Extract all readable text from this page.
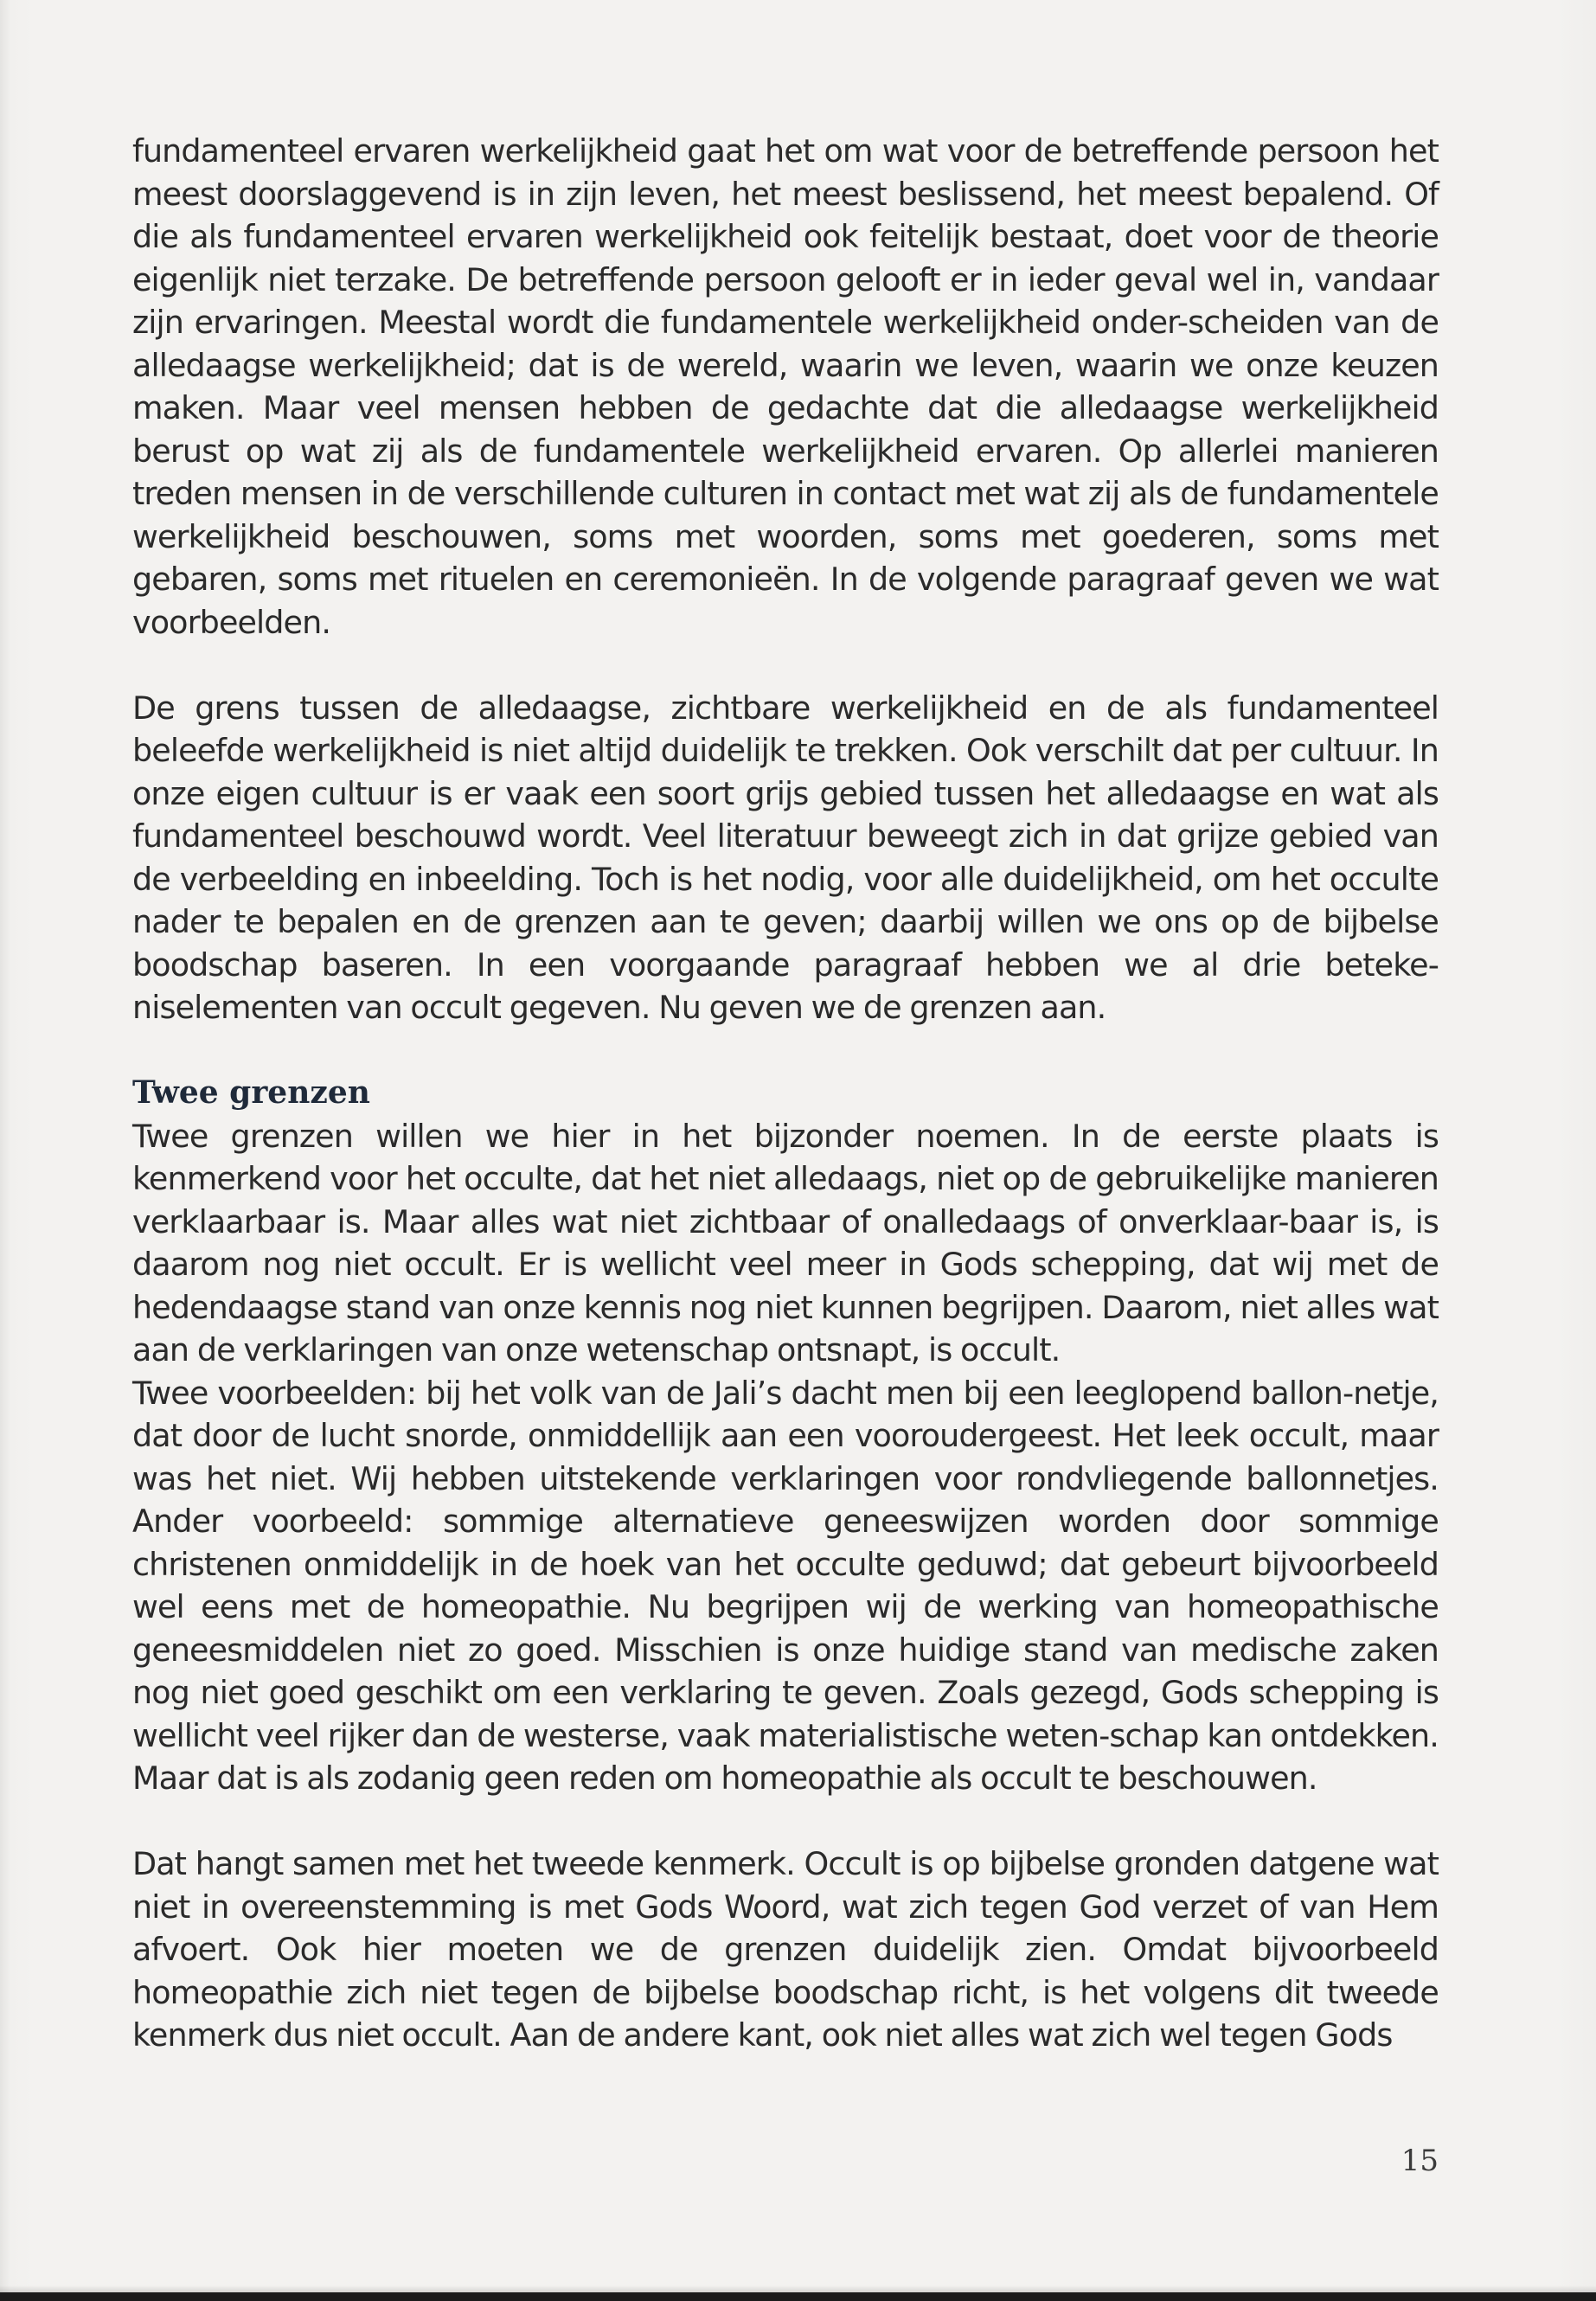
fundamenteel ervaren werkelijkheid gaat het om wat voor de betreffende persoon het meest doorslaggevend is in zijn leven, het meest beslissend, het meest bepalend. Of die als fundamenteel ervaren werkelijkheid ook feitelijk bestaat, doet voor de theorie eigenlijk niet terzake. De betreffende persoon gelooft er in ieder geval wel in, vandaar zijn ervaringen. Meestal wordt die fundamentele werkelijkheid onder-scheiden van de alledaagse werkelijkheid; dat is de wereld, waarin we leven, waarin we onze keuzen maken. Maar veel mensen hebben de gedachte dat die alledaagse werkelijkheid berust op wat zij als de fundamentele werkelijkheid ervaren. Op allerlei manieren treden mensen in de verschillende culturen in contact met wat zij als de fundamentele werkelijkheid beschouwen, soms met woorden, soms met goederen, soms met gebaren, soms met rituelen en ceremonieën. In de volgende paragraaf geven we wat voorbeelden.

De grens tussen de alledaagse, zichtbare werkelijkheid en de als fundamenteel beleefde werkelijkheid is niet altijd duidelijk te trekken. Ook verschilt dat per cultuur. In onze eigen cultuur is er vaak een soort grijs gebied tussen het alledaagse en wat als fundamenteel beschouwd wordt. Veel literatuur beweegt zich in dat grijze gebied van de verbeelding en inbeelding. Toch is het nodig, voor alle duidelijkheid, om het occulte nader te bepalen en de grenzen aan te geven; daarbij willen we ons op de bijbelse boodschap baseren. In een voorgaande paragraaf hebben we al drie beteke-niselementen van occult gegeven. Nu geven we de grenzen aan.

Twee grenzen

Twee grenzen willen we hier in het bijzonder noemen. In de eerste plaats is kenmerkend voor het occulte, dat het niet alledaags, niet op de gebruikelijke manieren verklaarbaar is. Maar alles wat niet zichtbaar of onalledaags of onverklaar-baar is, is daarom nog niet occult. Er is wellicht veel meer in Gods schepping, dat wij met de hedendaagse stand van onze kennis nog niet kunnen begrijpen. Daarom, niet alles wat aan de verklaringen van onze wetenschap ontsnapt, is occult.

Twee voorbeelden: bij het volk van de Jali’s dacht men bij een leeglopend ballon-netje, dat door de lucht snorde, onmiddellijk aan een vooroudergeest. Het leek occult, maar was het niet. Wij hebben uitstekende verklaringen voor rondvliegende ballonnetjes. Ander voorbeeld: sommige alternatieve geneeswijzen worden door sommige christenen onmiddelijk in de hoek van het occulte geduwd; dat gebeurt bijvoorbeeld wel eens met de homeopathie. Nu begrijpen wij de werking van homeopathische geneesmiddelen niet zo goed. Misschien is onze huidige stand van medische zaken nog niet goed geschikt om een verklaring te geven. Zoals gezegd, Gods schepping is wellicht veel rijker dan de westerse, vaak materialistische weten-schap kan ontdekken. Maar dat is als zodanig geen reden om homeopathie als occult te beschouwen.

Dat hangt samen met het tweede kenmerk. Occult is op bijbelse gronden datgene wat niet in overeenstemming is met Gods Woord, wat zich tegen God verzet of van Hem afvoert. Ook hier moeten we de grenzen duidelijk zien. Omdat bijvoorbeeld homeopathie zich niet tegen de bijbelse boodschap richt, is het volgens dit tweede kenmerk dus niet occult. Aan de andere kant, ook niet alles wat zich wel tegen Gods

15
